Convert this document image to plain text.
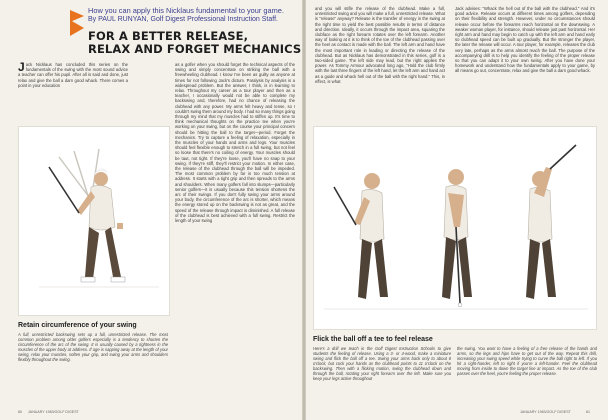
How you can apply this Nicklaus fundamental to your game.
By PAUL RUNYAN, Golf Digest Professional Instruction Staff.
FOR A BETTER RELEASE,
RELAX AND FORGET MECHANICS

Jack Nicklaus has concluded this series on the fundamentals of the swing with the most sound advice a teacher can offer his pupil. After all is said and done, just relax and give the ball a darn good whack. There comes a point in your education

as a golfer when you should forget the technical aspects of the swing and simply concentrate on striking the ball with a freewheeling clubhead. I know I've been as guilty as anyone at times for not following Jack's dictum. Paralysis by analysis is a widespread problem. But the answer, I think, is in learning to relax. Throughout my career as a tour player and then as a teacher, I occasionally would not be able to complete my backswing and, therefore, had no chance of releasing the clubhead with any power. My arms felt heavy and tense, so I couldn't swing them around my body. I had so many things going through my mind that my muscles had to stiffen up. It's time to think mechanical thoughts on the practice tee when you're working on your swing, but on the course your principal concern should be hitting the ball to the target—period. Forget the mechanics. Try to capture a feeling of relaxation, especially in the muscles of your hands and arms and legs. Your muscles should feel flexible enough to stretch in a full swing, but not feel so loose that there's no coiling of energy. Your muscles should be taut, not tight. If they're loose, you'll have no snap to your swing. If they're stiff, they'll restrict your motion. In either case, the release of the clubhead through the ball will be impeded. The most common problem by far is too much tension at address. It starts with a tight grip and then spreads to the arms and shoulders. When many golfers fall into slumps—particularly senior golfers—it is usually because this tension shortens the arc of their swings. If you don't fully swing your arms around your body, the circumference of the arc is shorter, which means the energy stored up on the backswing is not as great, and the speed of the release through impact is diminished. A full release of the clubhead is best achieved with a full swing. Restrict the length of your swing

Retain circumference of your swing
A full, unrestricted backswing sets up a full, unrestricted release. The most common problem among older golfers especially is a tendency to shorten the circumference of the arc of the swing. It is usually caused by a tightness in the muscles of the upper body at address. If age is sapping away at the length of your swing, relax your muscles, soften your grip, and swing your arms and shoulders flexibly throughout the swing.

and you will stifle the release of the clubhead. Make a full, unrestricted swing and you will make a full, unrestricted release. What is "release" anyway? Release is the transfer of energy in the swing at the right time to yield the best possible results in terms of distance and direction. Ideally, it occurs through the impact area, squaring the clubface as the right forearm rotates over the left forearm. Another way of looking at it is to think of the toe of the clubhead passing over the heel as contact is made with the ball. The left arm and hand have the most important role in leading or directing the release of the clubhead. But as Nicklaus has demonstrated in this series, golf is a two-sided game. The left side may lead, but the right applies the power. As Tommy Armour advocated long ago, "Hold the club firmly with the last three fingers of the left hand, let the left arm and hand act as a guide and whack hell out of the ball with the right hand." This, in effect, is what

Jack advises: "Whack the hell out of the ball with the clubhead." And it's good advice. Release occurs at different times among golfers, depending on their flexibility and strength. However, under no circumstances should release occur before the forearms reach horizontal on the downswing. A weaker woman player, for instance, should release just past horizontal. Her right arm and hand may begin to catch up with the left arm and hand early so clubhead speed can be built up gradually. But the stronger the player, the later the release will occur. A tour player, for example, releases the club very late, perhaps as the arms almost reach the ball. The purpose of the accompanying drill is to help you identify the feeling of the proper release so that you can adapt it to your own swing. After you have done your homework and understand how the fundamentals apply to your game, by all means go out, concentrate, relax and give the ball a darn good whack.

Flick the ball off a tee to feel release
Here's a drill we teach in the Golf Digest Instruction Schools to give students the feeling of release. Using a 3- or 4-wood, make a miniature swing and flick the ball off a tee. Swing your arms back only to about 8 o'clock, but cock your hands as the clubhead points to 11 o'clock on the backswing. Then with a flicking motion, swing the clubhead down and through the ball, rotating your right forearm over the left. Make sure you keep your legs active throughout
the swing. You want to have a feeling of a free release of the hands and arms, so the legs and hips have to get out of the way. Repeat this drill, increasing your swing speed while trying to curve the ball right to left. If you hit a right-hander, left to right if you're a left-hander. Feel the clubhead moving from inside to down the target line at impact. As the toe of the club passes over the heel, you're feeling the proper release.
60 JANUARY 1983/GOLF DIGEST	JANUARY 1983/GOLF DIGEST	61
